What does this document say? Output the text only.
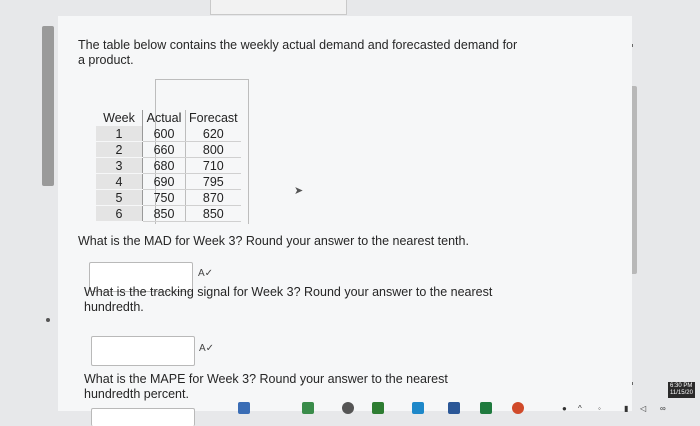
The table below contains the weekly actual demand and forecasted demand for a product.
Week	Actual	Forecast
1	600	620
2	660	800
3	680	710
4	690	795
5	750	870
6	850	850
➤
What is the MAD for Week 3? Round your answer to the nearest tenth.
A✓
What is the tracking signal for Week 3? Round your answer to the nearest hundredth.
A✓
What is the MAPE for Week 3? Round your answer to the nearest hundredth percent.
● ^ ◦	▮ ◁ ∞
6:30 PM
11/15/20
